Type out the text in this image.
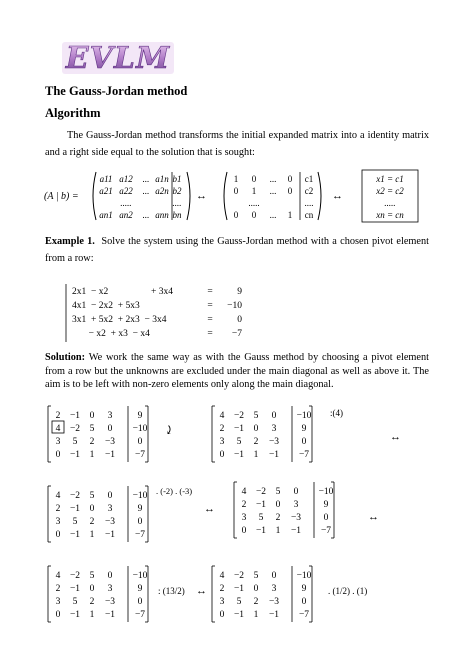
EVLM
The Gauss-Jordan method
Algorithm
The Gauss-Jordan method transforms the initial expanded matrix into a identity matrix and a right side equal to the solution that is sought:
(A | b) =
a11 a12 ... a1n b1
a21 a22 ... a2n b2
.....	....
an1 an2 ... ann bn
↔
1 0 ... 0 c1
0 1 ... 0 c2
.....	....
0 0 ... 1 cn
↔
x1 = c1
x2 = c2
.....
xn = cn
Example 1. Solve the system using the Gauss-Jordan method with a chosen pivot element from a row:
2x1  − x2                  + 3x4	=	9
4x1  − 2x2  + 5x3	= −10
3x1  + 5x2  + 2x3  − 3x4	=	0
− x2  + x3  − x4	= −7
Solution: We work the same way as with the Gauss method by choosing a pivot element from a row but the unknowns are excluded under the main diagonal as well as above it. The aim is to be left with non-zero elements only along the main diagonal.
2 −1 0 3	9
4 −2 5 0 −10
3 5 2 −3 0
0 −1 1 −1 −7
⤸
4 −2 5 0 −10
2 −1 0 3	9
3 5 2 −3 0
0 −1 1 −1 −7
:(4)
↔
4 −2 5 0 −10
2 −1 0 3	9
3 5 2 −3 0
0 −1 1 −1 −7
. (-2) . (-3)
↔
4 −2 5 0 −10
2 −1 0 3	9
3 5 2 −3 0
0 −1 1 −1 −7
↔
4 −2 5 0 −10
2 −1 0 3	9
3 5 2 −3 0
0 −1 1 −1 −7
: (13/2) ↔
4 −2 5 0 −10
2 −1 0 3	9
3 5 2 −3 0
0 −1 1 −1 −7
. (1/2) . (1)
